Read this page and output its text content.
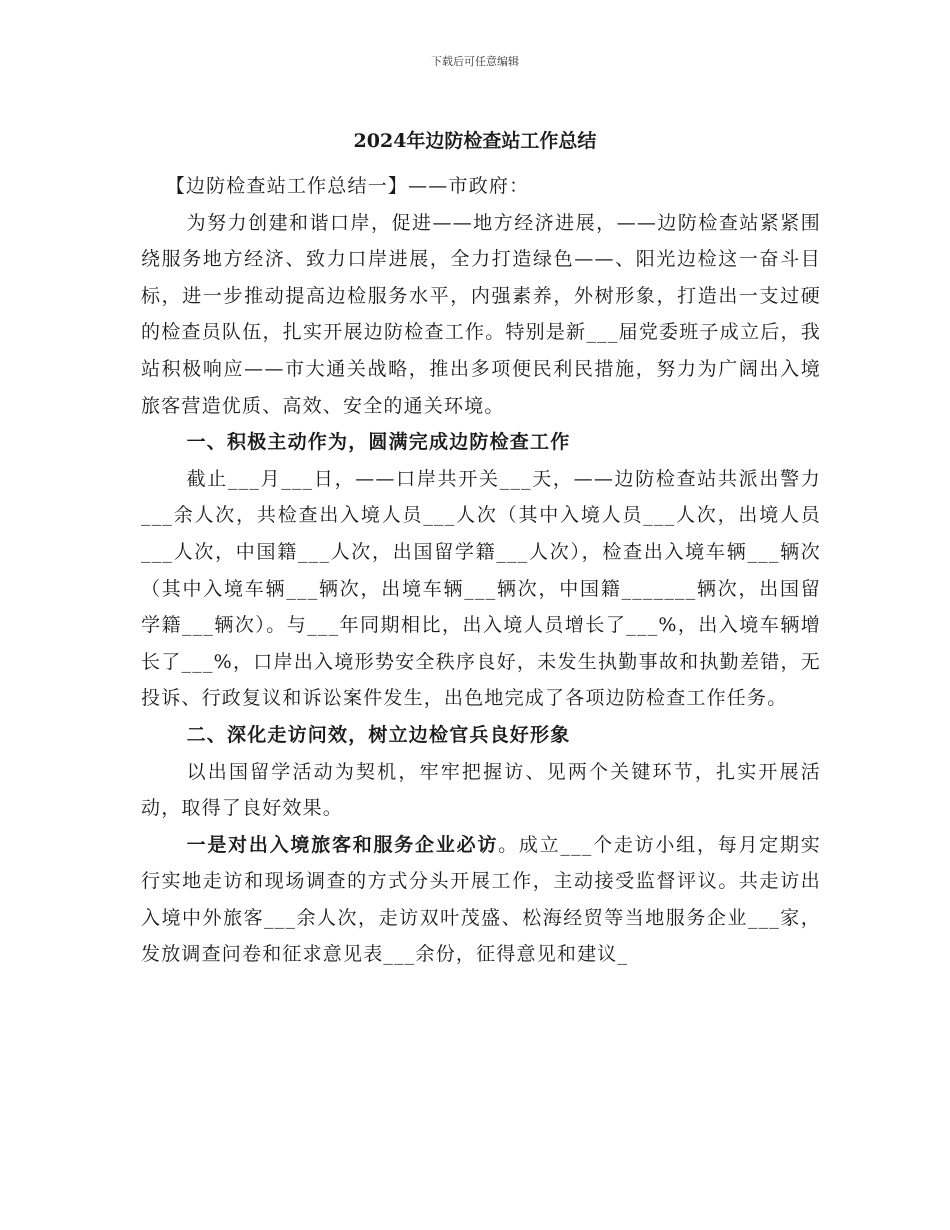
下载后可任意编辑
2024年边防检查站工作总结

【边防检查站工作总结一】——市政府：

为努力创建和谐口岸，促进——地方经济进展，——边防检查站紧紧围绕服务地方经济、致力口岸进展，全力打造绿色——、阳光边检这一奋斗目标，进一步推动提高边检服务水平，内强素养，外树形象，打造出一支过硬的检查员队伍，扎实开展边防检查工作。特别是新___届党委班子成立后，我站积极响应——市大通关战略，推出多项便民利民措施，努力为广阔出入境旅客营造优质、高效、安全的通关环境。

一、积极主动作为，圆满完成边防检查工作

截止___月___日，——口岸共开关___天，——边防检查站共派出警力___余人次，共检查出入境人员___人次（其中入境人员___人次，出境人员___人次，中国籍___人次，出国留学籍___人次），检查出入境车辆___辆次（其中入境车辆___辆次，出境车辆___辆次，中国籍_______辆次，出国留学籍___辆次）。与___年同期相比，出入境人员增长了___%，出入境车辆增长了___%，口岸出入境形势安全秩序良好，未发生执勤事故和执勤差错，无投诉、行政复议和诉讼案件发生，出色地完成了各项边防检查工作任务。

二、深化走访问效，树立边检官兵良好形象

以出国留学活动为契机，牢牢把握访、见两个关键环节，扎实开展活动，取得了良好效果。

一是对出入境旅客和服务企业必访。成立___个走访小组，每月定期实行实地走访和现场调查的方式分头开展工作，主动接受监督评议。共走访出入境中外旅客___余人次，走访双叶茂盛、松海经贸等当地服务企业___家，发放调查问卷和征求意见表___余份，征得意见和建议_
